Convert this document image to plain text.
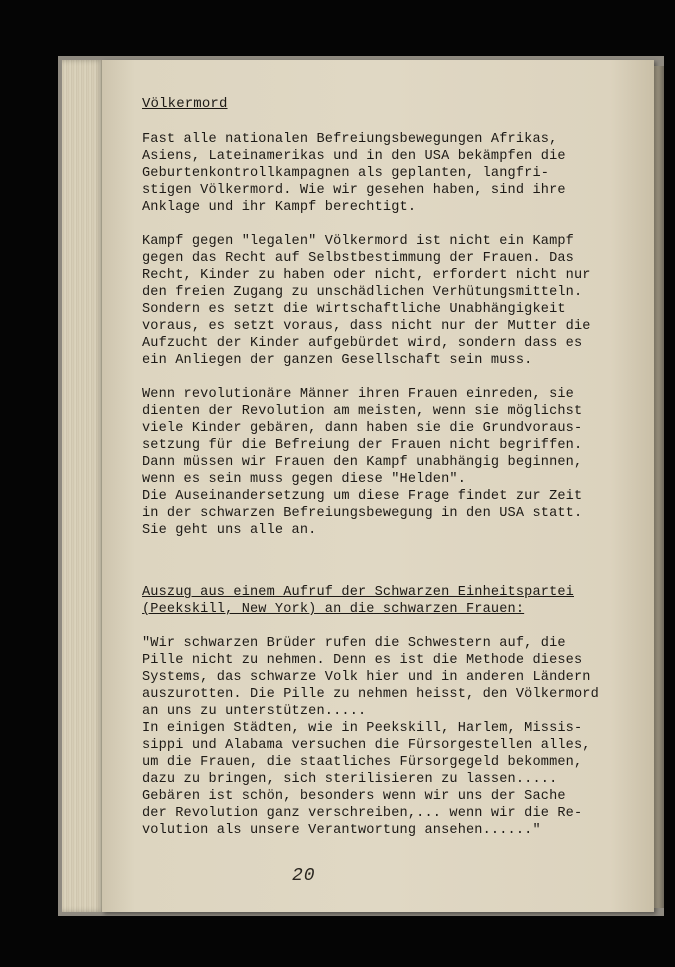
Völkermord

Fast alle nationalen Befreiungsbewegungen Afrikas,
Asiens, Lateinamerikas und in den USA bekämpfen die
Geburtenkontrollkampagnen als geplanten, langfri-
stigen Völkermord. Wie wir gesehen haben, sind ihre
Anklage und ihr Kampf berechtigt.

Kampf gegen "legalen" Völkermord ist nicht ein Kampf
gegen das Recht auf Selbstbestimmung der Frauen. Das
Recht, Kinder zu haben oder nicht, erfordert nicht nur
den freien Zugang zu unschädlichen Verhütungsmitteln.
Sondern es setzt die wirtschaftliche Unabhängigkeit
voraus, es setzt voraus, dass nicht nur der Mutter die
Aufzucht der Kinder aufgebürdet wird, sondern dass es
ein Anliegen der ganzen Gesellschaft sein muss.

Wenn revolutionäre Männer ihren Frauen einreden, sie
dienten der Revolution am meisten, wenn sie möglichst
viele Kinder gebären, dann haben sie die Grundvoraus-
setzung für die Befreiung der Frauen nicht begriffen.
Dann müssen wir Frauen den Kampf unabhängig beginnen,
wenn es sein muss gegen diese "Helden".
Die Auseinandersetzung um diese Frage findet zur Zeit
in der schwarzen Befreiungsbewegung in den USA statt.
Sie geht uns alle an.

Auszug aus einem Aufruf der Schwarzen Einheitspartei
(Peekskill, New York) an die schwarzen Frauen:

"Wir schwarzen Brüder rufen die Schwestern auf, die
Pille nicht zu nehmen. Denn es ist die Methode dieses
Systems, das schwarze Volk hier und in anderen Ländern
auszurotten. Die Pille zu nehmen heisst, den Völkermord
an uns zu unterstützen.....
In einigen Städten, wie in Peekskill, Harlem, Missis-
sippi und Alabama versuchen die Fürsorgestellen alles,
um die Frauen, die staatliches Fürsorgegeld bekommen,
dazu zu bringen, sich sterilisieren zu lassen.....
Gebären ist schön, besonders wenn wir uns der Sache
der Revolution ganz verschreiben,... wenn wir die Re-
volution als unsere Verantwortung ansehen......"

20
